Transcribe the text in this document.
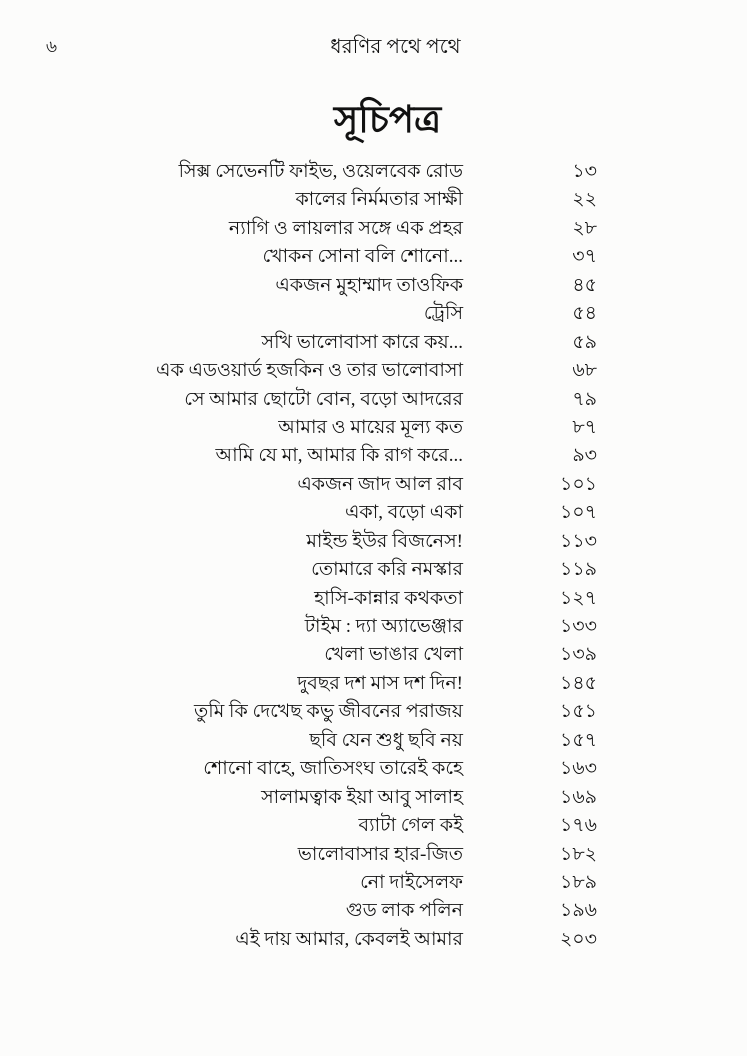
৬	ধরণির পথে পথে
সূচিপত্র
সিক্স সেভেনটি ফাইভ, ওয়েলবেক রোড	১৩
কালের নির্মমতার সাক্ষী	২২
ন্যাগি ও লায়লার সঙ্গে এক প্রহর	২৮
খোকন সোনা বলি শোনো...	৩৭
একজন মুহাম্মাদ তাওফিক	৪৫
ট্রেসি	৫৪
সখি ভালোবাসা কারে কয়...	৫৯
এক এডওয়ার্ড হজকিন ও তার ভালোবাসা	৬৮
সে আমার ছোটো বোন, বড়ো আদরের	৭৯
আমার ও মায়ের মূল্য কত	৮৭
আমি যে মা, আমার কি রাগ করে...	৯৩
একজন জাদ আল রাব	১০১
একা, বড়ো একা	১০৭
মাইন্ড ইউর বিজনেস!	১১৩
তোমারে করি নমস্কার	১১৯
হাসি-কান্নার কথকতা	১২৭
টাইম : দ্যা অ্যাভেঞ্জার	১৩৩
খেলা ভাঙার খেলা	১৩৯
দুবছর দশ মাস দশ দিন!	১৪৫
তুমি কি দেখেছ কভু জীবনের পরাজয়	১৫১
ছবি যেন শুধু ছবি নয়	১৫৭
শোনো বাহে, জাতিসংঘ তারেই কহে	১৬৩
সালামত্বাক ইয়া আবু সালাহ	১৬৯
ব্যাটা গেল কই	১৭৬
ভালোবাসার হার-জিত	১৮২
নো দাইসেলফ	১৮৯
গুড লাক পলিন	১৯৬
এই দায় আমার, কেবলই আমার	২০৩
